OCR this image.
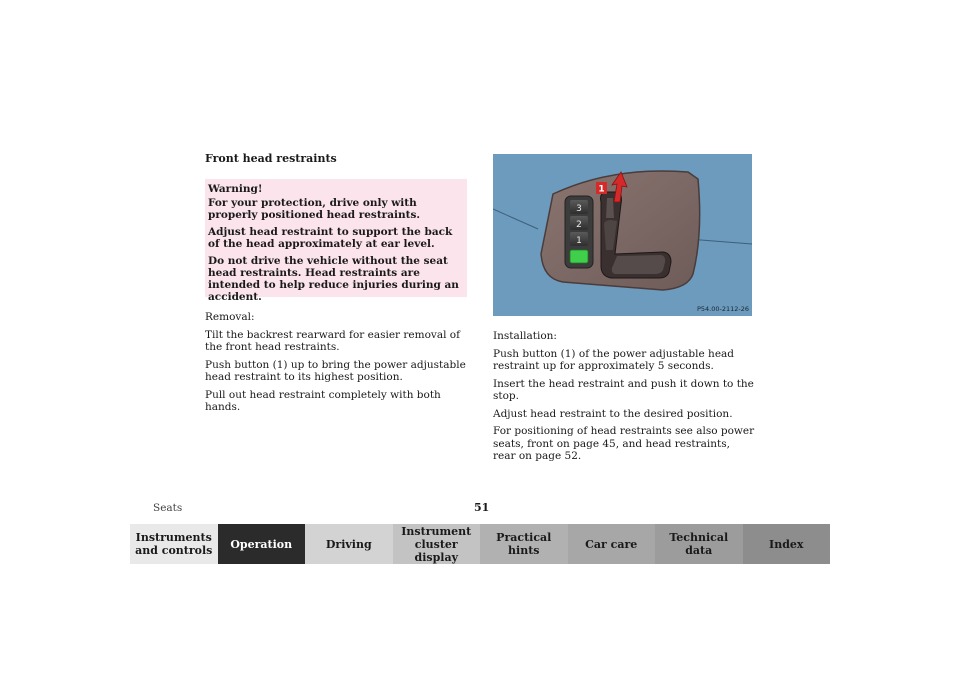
Front head restraints

Warning!

For your protection, drive only with properly positioned head restraints.

Adjust head restraint to support the back of the head approximately at ear level.

Do not drive the vehicle without the seat head restraints. Head restraints are intended to help reduce injuries during an accident.

Removal:

Tilt the backrest rearward for easier removal of the front head restraints.

Push button (1) up to bring the power adjustable head restraint to its highest position.

Pull out head restraint completely with both hands.

3
2
1
1
P54.00-2112-26

Installation:

Push button (1) of the power adjustable head restraint up for approximately 5 seconds.

Insert the head restraint and push it down to the stop.

Adjust head restraint to the desired position.

For positioning of head restraints see also power seats, front on page 45, and head restraints, rear on page 52.

Seats	51
Instruments
and controls Operation	Driving
Instrument
cluster display
Practical hints	Car care	Technical
data	Index
